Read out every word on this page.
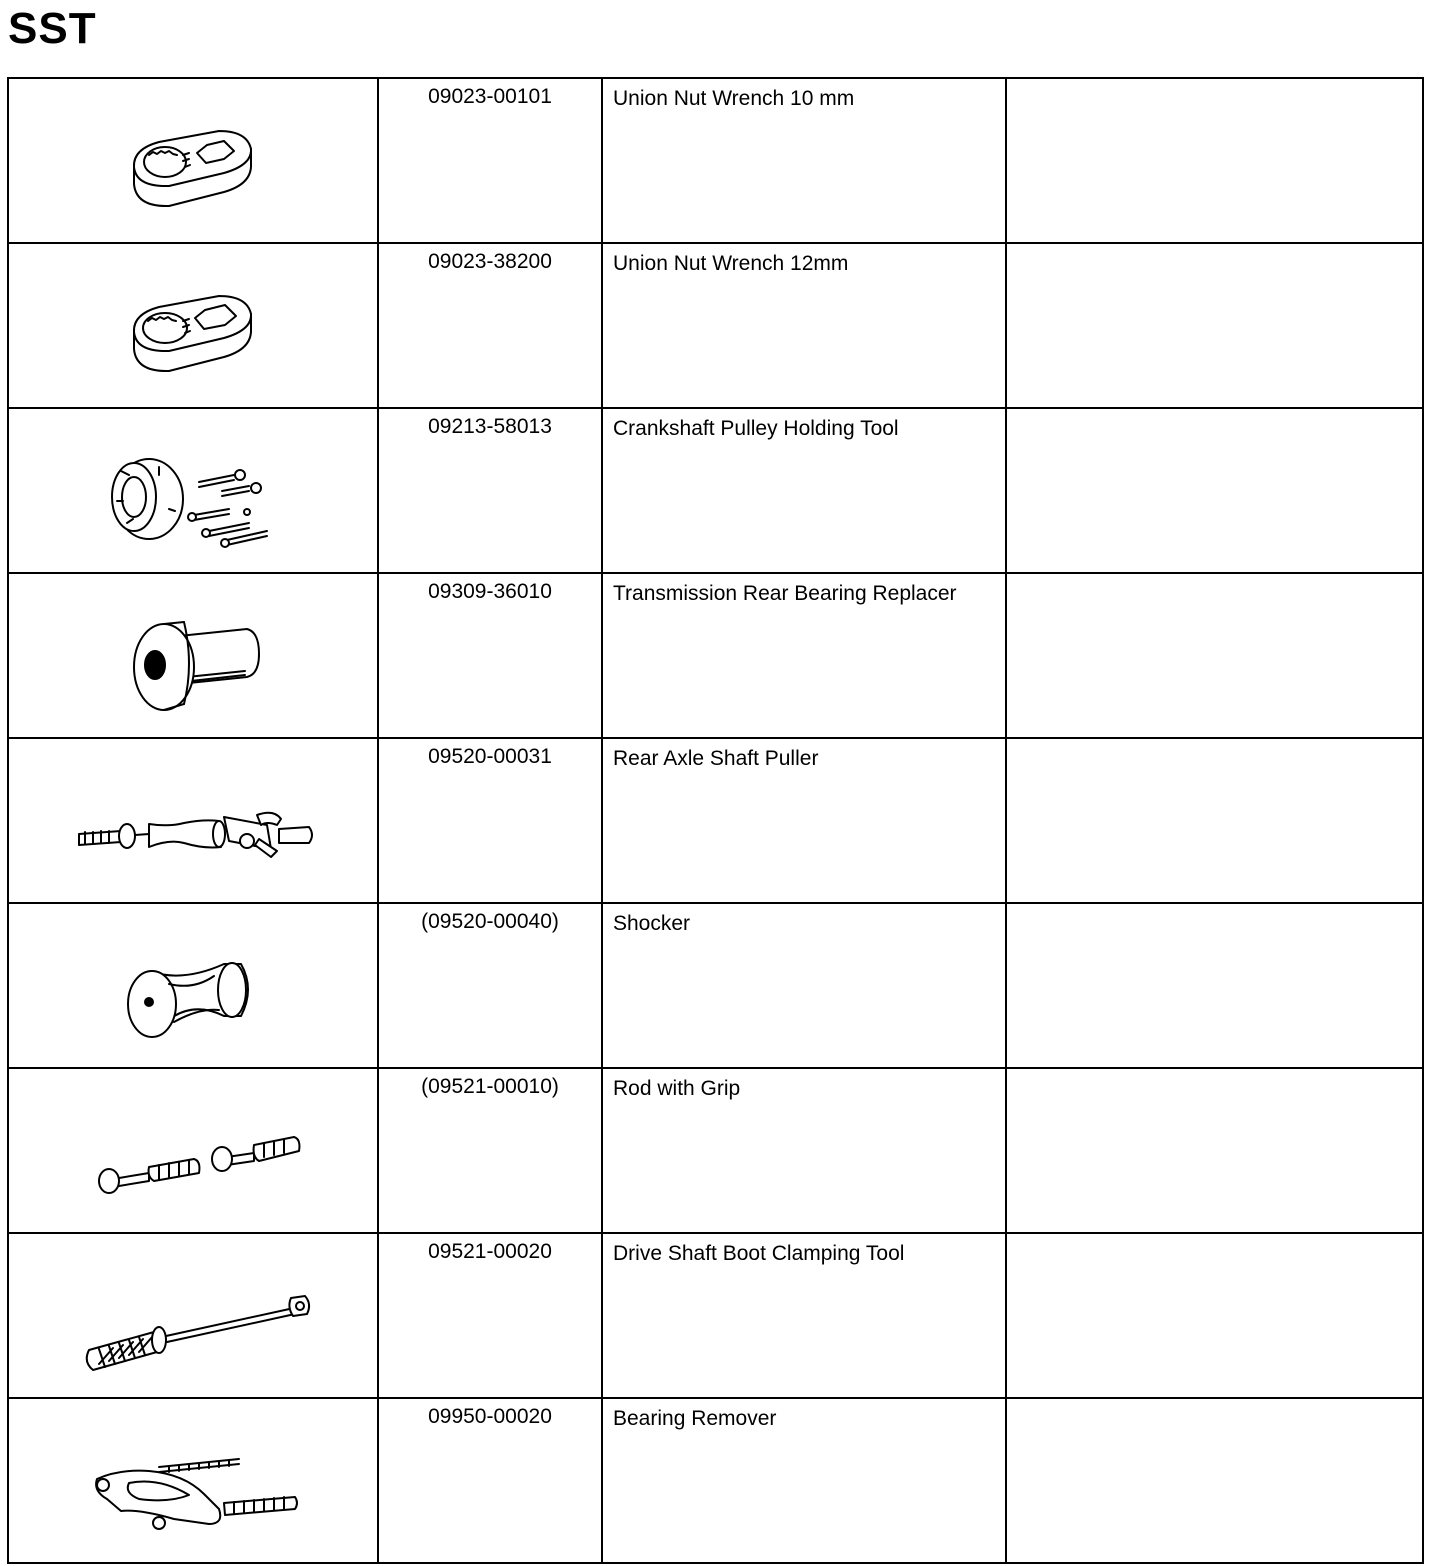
SST
	09023-00101	Union Nut Wrench 10 mm	

	09023-38200	Union Nut Wrench 12mm	

	09213-58013	Crankshaft Pulley Holding Tool	

	09309-36010	Transmission Rear Bearing Replacer	

	09520-00031	Rear Axle Shaft Puller	

	(09520-00040)	Shocker	

	(09521-00010)	Rod with Grip	

	09521-00020	Drive Shaft Boot Clamping Tool	

	09950-00020	Bearing Remover	
